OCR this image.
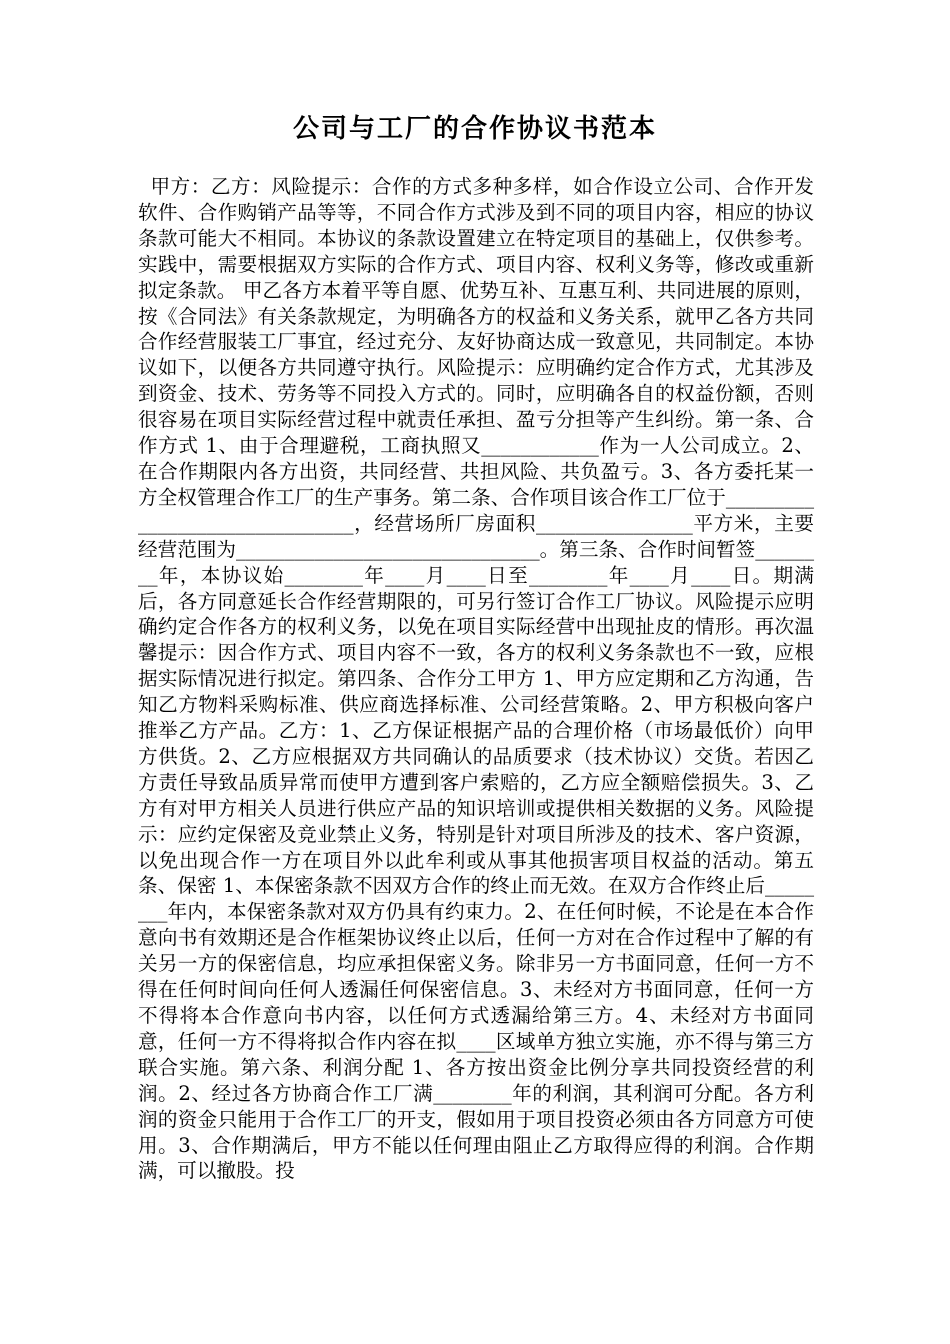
公司与工厂的合作协议书范本

甲方：乙方：风险提示：合作的方式多种多样，如合作设立公司、合作开发软件、合作购销产品等等，不同合作方式涉及到不同的项目内容，相应的协议条款可能大不相同。本协议的条款设置建立在特定项目的基础上，仅供参考。实践中，需要根据双方实际的合作方式、项目内容、权利义务等，修改或重新拟定条款。 甲乙各方本着平等自愿、优势互补、互惠互利、共同进展的原则，按《合同法》有关条款规定，为明确各方的权益和义务关系，就甲乙各方共同合作经营服装工厂事宜，经过充分、友好协商达成一致意见，共同制定。本协议如下，以便各方共同遵守执行。风险提示：应明确约定合作方式，尤其涉及到资金、技术、劳务等不同投入方式的。同时，应明确各自的权益份额，否则很容易在项目实际经营过程中就责任承担、盈亏分担等产生纠纷。第一条、合作方式 1、由于合理避税，工商执照又____________作为一人公司成立。2、在合作期限内各方出资，共同经营、共担风险、共负盈亏。3、各方委托某一方全权管理合作工厂的生产事务。第二条、合作项目该合作工厂位于_______________________________，经营场所厂房面积________________平方米，主要经营范围为_______________________________。第三条、合作时间暂签________年，本协议始________年____月____日至________年____月____日。期满后，各方同意延长合作经营期限的，可另行签订合作工厂协议。风险提示应明确约定合作各方的权利义务，以免在项目实际经营中出现扯皮的情形。再次温馨提示：因合作方式、项目内容不一致，各方的权利义务条款也不一致，应根据实际情况进行拟定。第四条、合作分工甲方 1、甲方应定期和乙方沟通，告知乙方物料采购标准、供应商选择标准、公司经营策略。2、甲方积极向客户推举乙方产品。乙方：1、乙方保证根据产品的合理价格（市场最低价）向甲方供货。2、乙方应根据双方共同确认的品质要求（技术协议）交货。若因乙方责任导致品质异常而使甲方遭到客户索赔的，乙方应全额赔偿损失。3、乙方有对甲方相关人员进行供应产品的知识培训或提供相关数据的义务。风险提示：应约定保密及竞业禁止义务，特别是针对项目所涉及的技术、客户资源，以免出现合作一方在项目外以此牟利或从事其他损害项目权益的活动。第五条、保密 1、本保密条款不因双方合作的终止而无效。在双方合作终止后________年内，本保密条款对双方仍具有约束力。2、在任何时候，不论是在本合作意向书有效期还是合作框架协议终止以后，任何一方对在合作过程中了解的有关另一方的保密信息，均应承担保密义务。除非另一方书面同意，任何一方不得在任何时间向任何人透漏任何保密信息。3、未经对方书面同意，任何一方不得将本合作意向书内容，以任何方式透漏给第三方。4、未经对方书面同意，任何一方不得将拟合作内容在拟____区域单方独立实施，亦不得与第三方联合实施。第六条、利润分配 1、各方按出资金比例分享共同投资经营的利润。2、经过各方协商合作工厂满________年的利润，其利润可分配。各方利润的资金只能用于合作工厂的开支，假如用于项目投资必须由各方同意方可使用。3、合作期满后，甲方不能以任何理由阻止乙方取得应得的利润。合作期满，可以撤股。投
